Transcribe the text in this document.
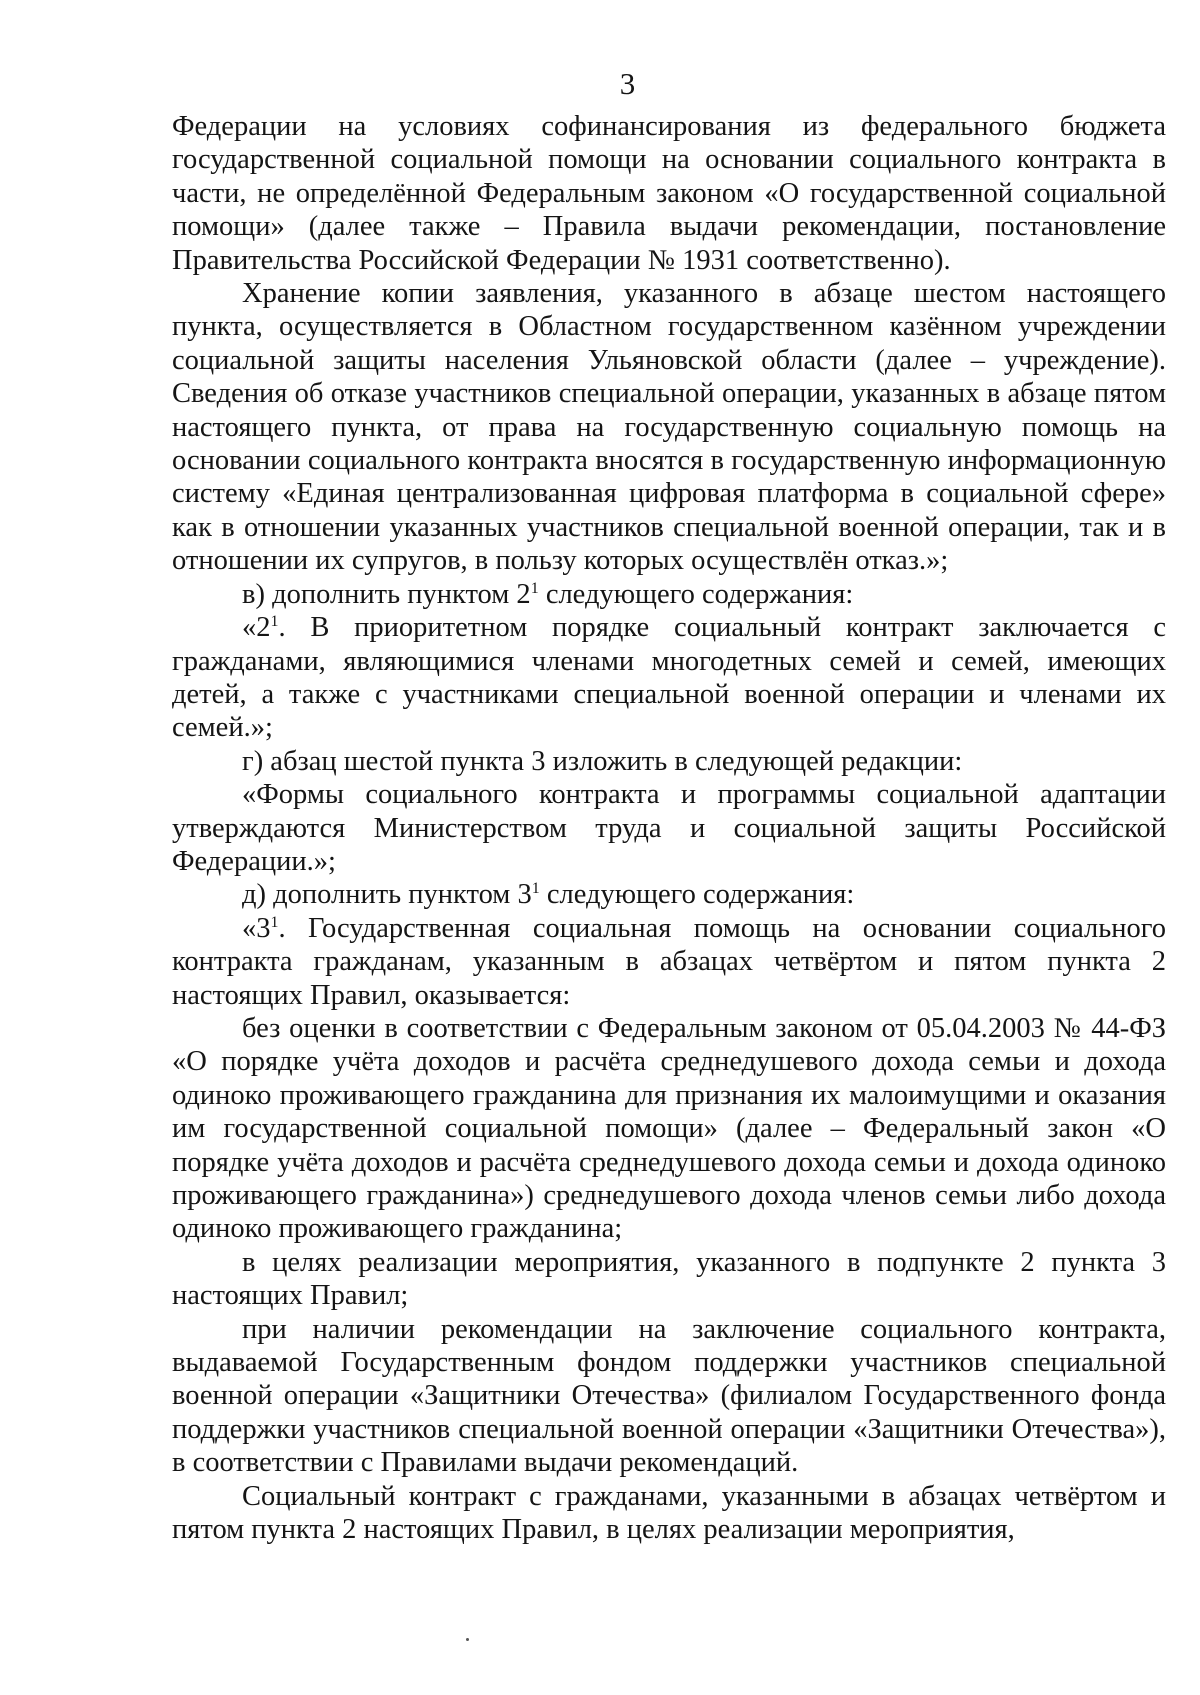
3

Федерации на условиях софинансирования из федерального бюджета государственной социальной помощи на основании социального контракта в части, не определённой Федеральным законом «О государственной социальной помощи» (далее также – Правила выдачи рекомендации, постановление Правительства Российской Федерации № 1931 соответственно).

Хранение копии заявления, указанного в абзаце шестом настоящего пункта, осуществляется в Областном государственном казённом учреждении социальной защиты населения Ульяновской области (далее – учреждение). Сведения об отказе участников специальной операции, указанных в абзаце пятом настоящего пункта, от права на государственную социальную помощь на основании социального контракта вносятся в государственную информационную систему «Единая централизованная цифровая платформа в социальной сфере» как в отношении указанных участников специальной военной операции, так и в отношении их супругов, в пользу которых осуществлён отказ.»;

в) дополнить пунктом $2^1$ следующего содержания:

«$2^1$. В приоритетном порядке социальный контракт заключается с гражданами, являющимися членами многодетных семей и семей, имеющих детей, а также с участниками специальной военной операции и членами их семей.»;

г) абзац шестой пункта 3 изложить в следующей редакции:

«Формы социального контракта и программы социальной адаптации утверждаются Министерством труда и социальной защиты Российской Федерации.»;

д) дополнить пунктом $3^1$ следующего содержания:

«$3^1$. Государственная социальная помощь на основании социального контракта гражданам, указанным в абзацах четвёртом и пятом пункта 2 настоящих Правил, оказывается:

без оценки в соответствии с Федеральным законом от 05.04.2003 № 44-ФЗ «О порядке учёта доходов и расчёта среднедушевого дохода семьи и дохода одиноко проживающего гражданина для признания их малоимущими и оказания им государственной социальной помощи» (далее – Федеральный закон «О порядке учёта доходов и расчёта среднедушевого дохода семьи и дохода одиноко проживающего гражданина») среднедушевого дохода членов семьи либо дохода одиноко проживающего гражданина;

в целях реализации мероприятия, указанного в подпункте 2 пункта 3 настоящих Правил;

при наличии рекомендации на заключение социального контракта, выдаваемой Государственным фондом поддержки участников специальной военной операции «Защитники Отечества» (филиалом Государственного фонда поддержки участников специальной военной операции «Защитники Отечества»), в соответствии с Правилами выдачи рекомендаций.

Социальный контракт с гражданами, указанными в абзацах четвёртом и пятом пункта 2 настоящих Правил, в целях реализации мероприятия,
